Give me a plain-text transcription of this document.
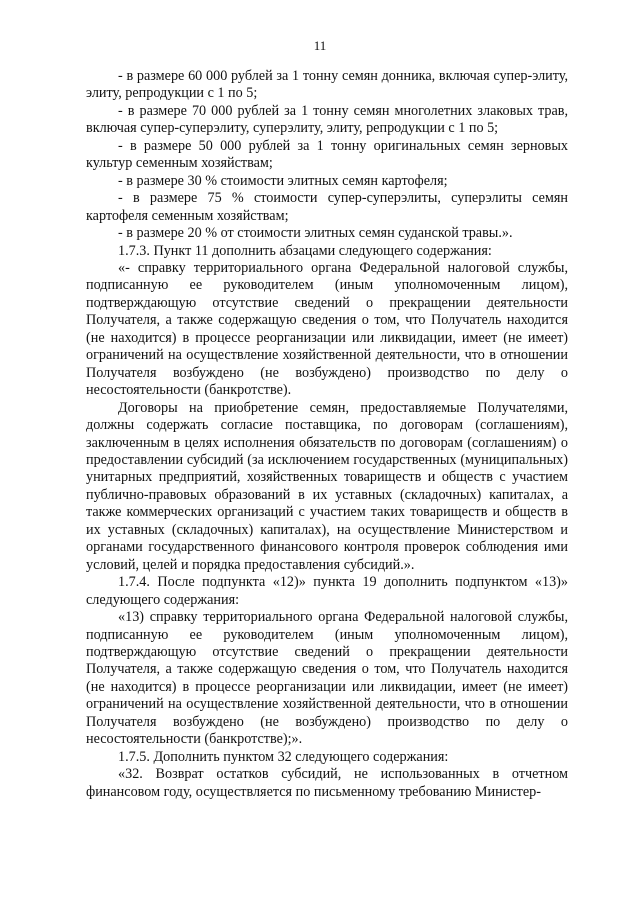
11

- в размере 60 000 рублей за 1 тонну семян донника, включая супер-элиту, элиту, репродукции с 1 по 5;

- в размере 70 000 рублей за 1 тонну семян многолетних злаковых трав, включая супер-суперэлиту, суперэлиту, элиту, репродукции с 1 по 5;

- в размере 50 000 рублей за 1 тонну оригинальных семян зерновых культур семенным хозяйствам;

- в размере 30 % стоимости элитных семян картофеля;

- в размере 75 % стоимости супер-суперэлиты, суперэлиты семян картофеля семенным хозяйствам;

- в размере 20 % от стоимости элитных семян суданской травы.».

1.7.3. Пункт 11 дополнить абзацами следующего содержания:

«- справку территориального органа Федеральной налоговой службы, подписанную ее руководителем (иным уполномоченным лицом), подтверждающую отсутствие сведений о прекращении деятельности Получателя, а также содержащую сведения о том, что Получатель находится (не находится) в процессе реорганизации или ликвидации, имеет (не имеет) ограничений на осуществление хозяйственной деятельности, что в отношении Получателя возбуждено (не возбуждено) производство по делу о несостоятельности (банкротстве).

Договоры на приобретение семян, предоставляемые Получателями, должны содержать согласие поставщика, по договорам (соглашениям), заключенным в целях исполнения обязательств по договорам (соглашениям) о предоставлении субсидий (за исключением государственных (муниципальных) унитарных предприятий, хозяйственных товариществ и обществ с участием публично-правовых образований в их уставных (складочных) капиталах, а также коммерческих организаций с участием таких товариществ и обществ в их уставных (складочных) капиталах), на осуществление Министерством и органами государственного финансового контроля проверок соблюдения ими условий, целей и порядка предоставления субсидий.».

1.7.4. После подпункта «12)» пункта 19 дополнить подпунктом «13)» следующего содержания:

«13) справку территориального органа Федеральной налоговой службы, подписанную ее руководителем (иным уполномоченным лицом), подтверждающую отсутствие сведений о прекращении деятельности Получателя, а также содержащую сведения о том, что Получатель находится (не находится) в процессе реорганизации или ликвидации, имеет (не имеет) ограничений на осуществление хозяйственной деятельности, что в отношении Получателя возбуждено (не возбуждено) производство по делу о несостоятельности (банкротстве);».

1.7.5. Дополнить пунктом 32 следующего содержания:

«32. Возврат остатков субсидий, не использованных в отчетном финансовом году, осуществляется по письменному требованию Министер-
